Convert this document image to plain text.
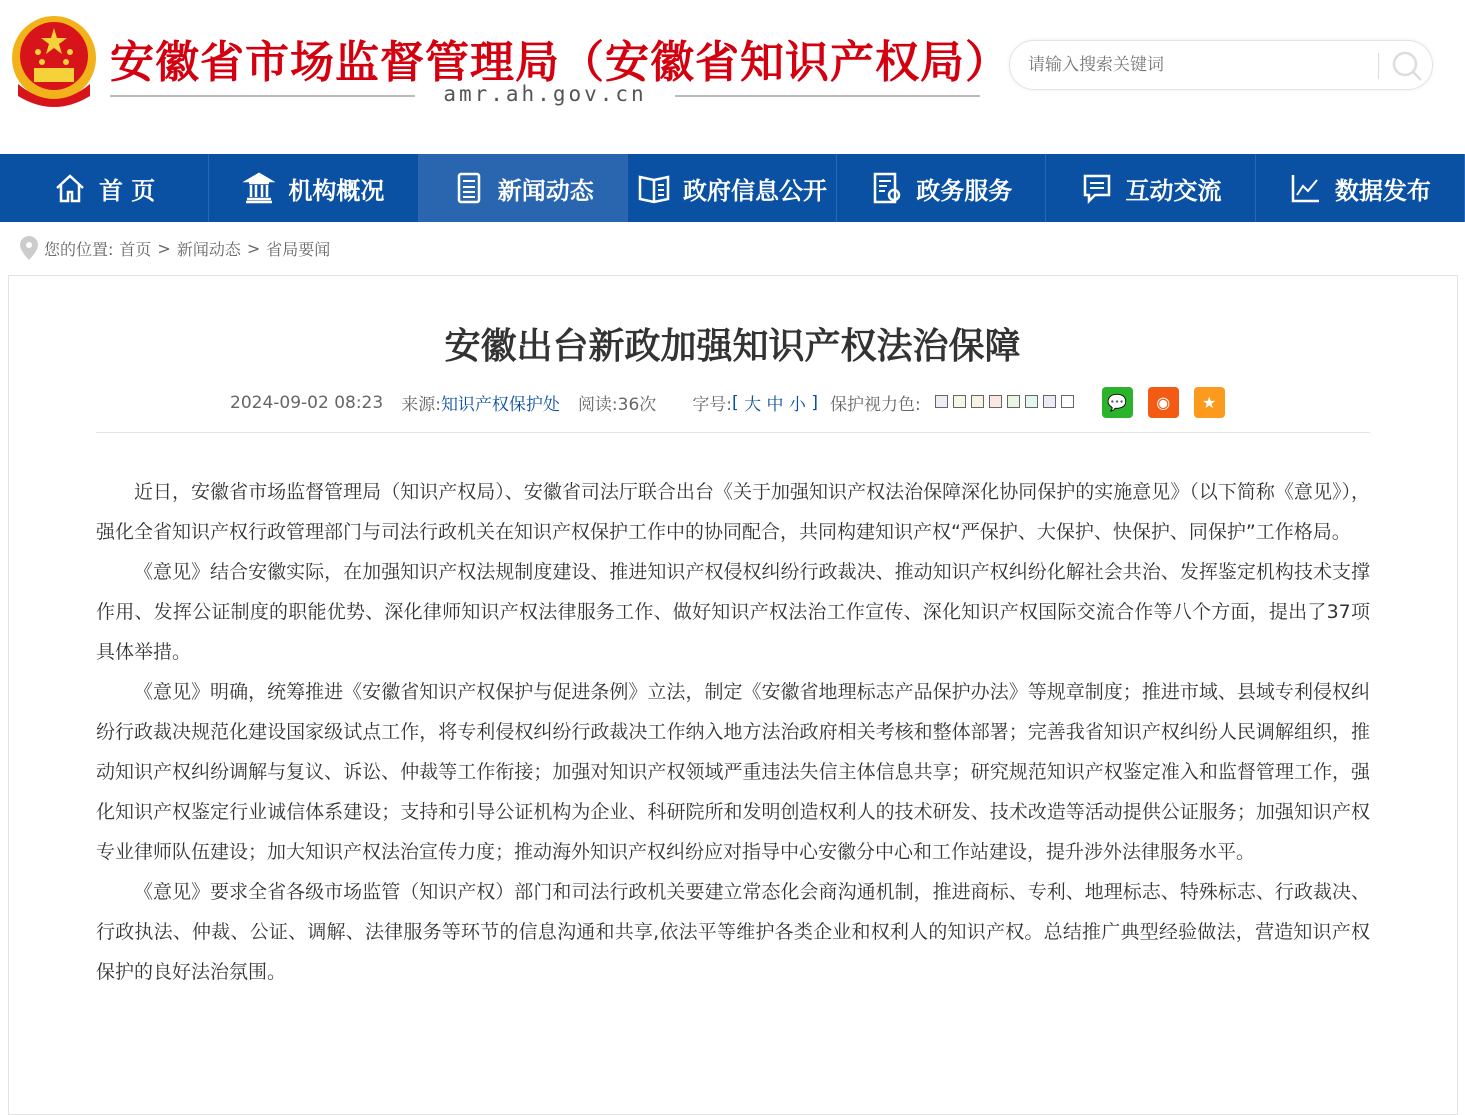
安徽省市场监督管理局（安徽省知识产权局）
amr.ah.gov.cn
请输入搜索关键词
首 页	机构概况	新闻动态	政府信息公开	政务服务	互动交流	数据发布
您的位置: 首页 > 新闻动态 > 省局要闻
安徽出台新政加强知识产权法治保障
2024-09-02 08:23 来源: 知识产权保护处 阅读: 36次 字号: [
大
中
小
] 保护视力色:	💬 ◉ ★

近日，安徽省市场监督管理局（知识产权局）、安徽省司法厅联合出台《关于加强知识产权法治保障深化协同保护的实施意见》（以下简称《意见》），强化全省知识产权行政管理部门与司法行政机关在知识产权保护工作中的协同配合，共同构建知识产权“严保护、大保护、快保护、同保护”工作格局。

《意见》结合安徽实际，在加强知识产权法规制度建设、推进知识产权侵权纠纷行政裁决、推动知识产权纠纷化解社会共治、发挥鉴定机构技术支撑作用、发挥公证制度的职能优势、深化律师知识产权法律服务工作、做好知识产权法治工作宣传、深化知识产权国际交流合作等八个方面，提出了37项具体举措。

《意见》明确，统筹推进《安徽省知识产权保护与促进条例》立法，制定《安徽省地理标志产品保护办法》等规章制度；推进市域、县域专利侵权纠纷行政裁决规范化建设国家级试点工作，将专利侵权纠纷行政裁决工作纳入地方法治政府相关考核和整体部署；完善我省知识产权纠纷人民调解组织，推动知识产权纠纷调解与复议、诉讼、仲裁等工作衔接；加强对知识产权领域严重违法失信主体信息共享；研究规范知识产权鉴定准入和监督管理工作，强化知识产权鉴定行业诚信体系建设；支持和引导公证机构为企业、科研院所和发明创造权利人的技术研发、技术改造等活动提供公证服务；加强知识产权专业律师队伍建设；加大知识产权法治宣传力度；推动海外知识产权纠纷应对指导中心安徽分中心和工作站建设，提升涉外法律服务水平。

《意见》要求全省各级市场监管（知识产权）部门和司法行政机关要建立常态化会商沟通机制，推进商标、专利、地理标志、特殊标志、行政裁决、行政执法、仲裁、公证、调解、法律服务等环节的信息沟通和共享,依法平等维护各类企业和权利人的知识产权。总结推广典型经验做法，营造知识产权保护的良好法治氛围。
